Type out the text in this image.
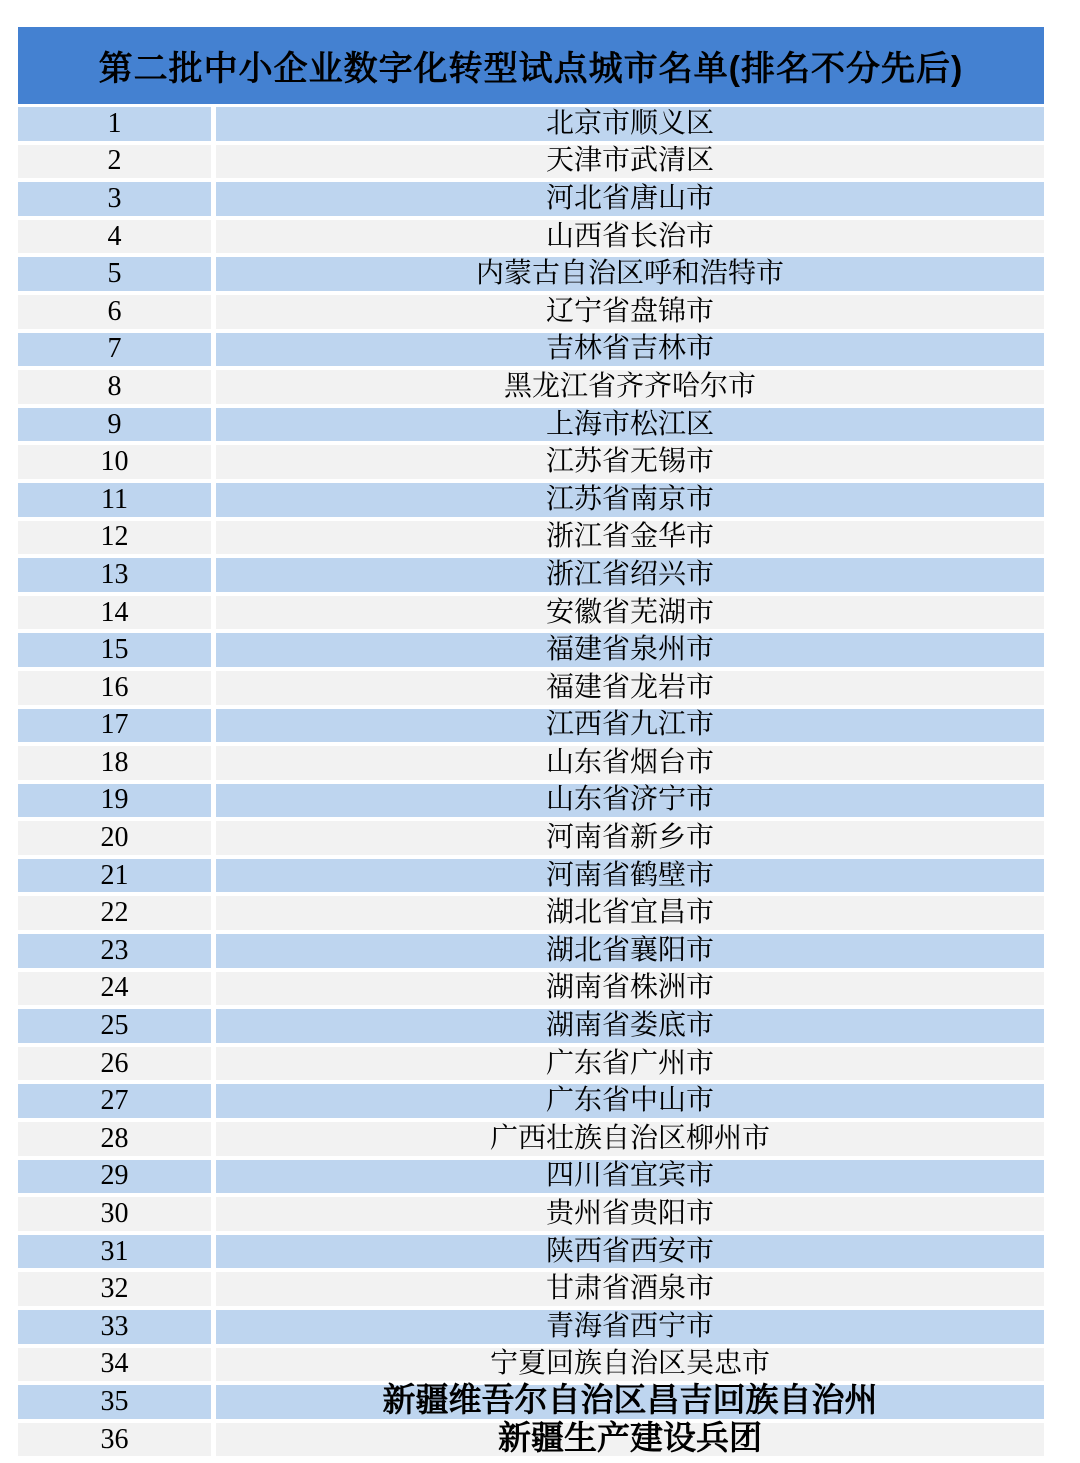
第二批中小企业数字化转型试点城市名单(排名不分先后)
1	北京市顺义区
2	天津市武清区
3	河北省唐山市
4	山西省长治市
5	内蒙古自治区呼和浩特市
6	辽宁省盘锦市
7	吉林省吉林市
8	黑龙江省齐齐哈尔市
9	上海市松江区
10	江苏省无锡市
11	江苏省南京市
12	浙江省金华市
13	浙江省绍兴市
14	安徽省芜湖市
15	福建省泉州市
16	福建省龙岩市
17	江西省九江市
18	山东省烟台市
19	山东省济宁市
20	河南省新乡市
21	河南省鹤壁市
22	湖北省宜昌市
23	湖北省襄阳市
24	湖南省株洲市
25	湖南省娄底市
26	广东省广州市
27	广东省中山市
28	广西壮族自治区柳州市
29	四川省宜宾市
30	贵州省贵阳市
31	陕西省西安市
32	甘肃省酒泉市
33	青海省西宁市
34	宁夏回族自治区吴忠市
35	新疆维吾尔自治区昌吉回族自治州
36	新疆生产建设兵团
